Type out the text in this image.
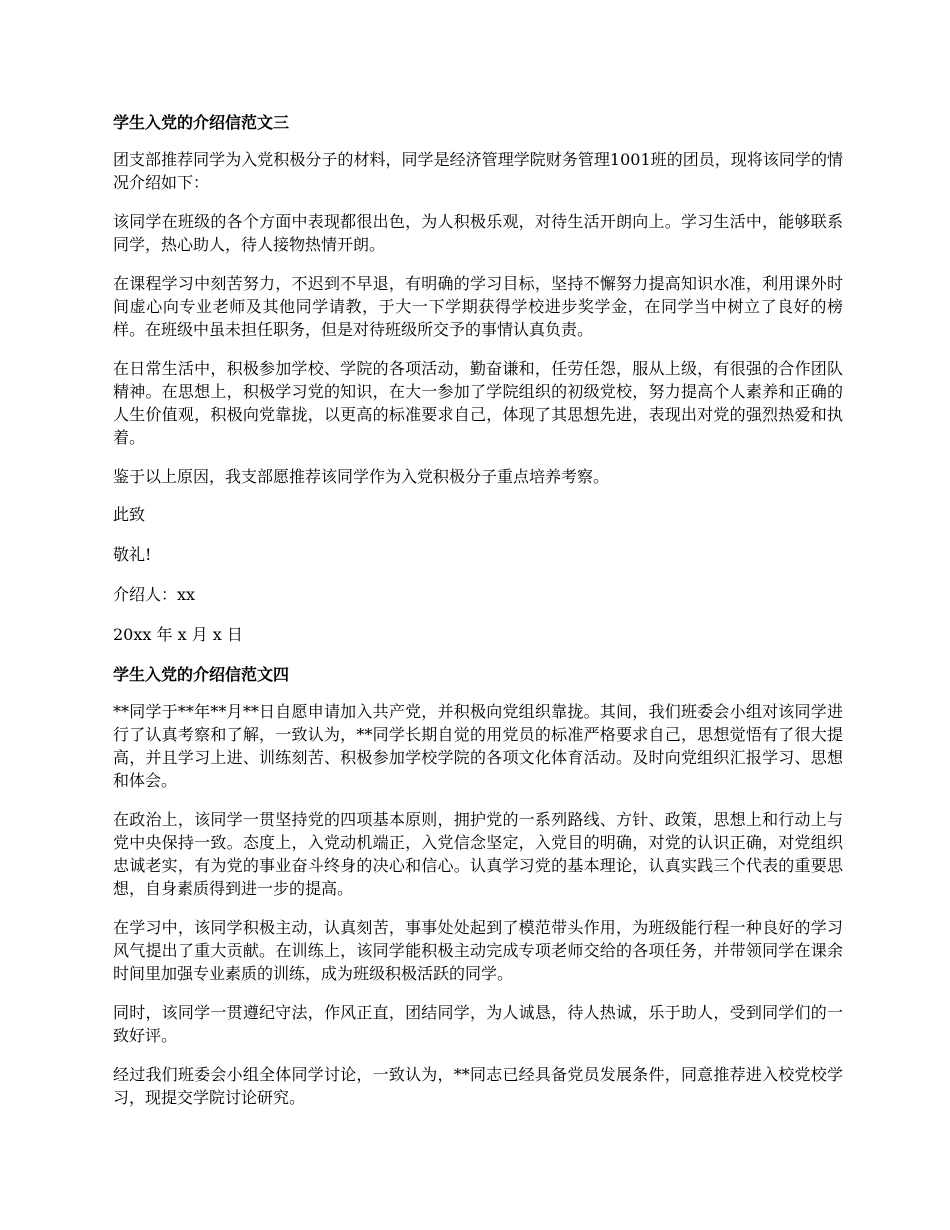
学生入党的介绍信范文三

团支部推荐同学为入党积极分子的材料，同学是经济管理学院财务管理1001班的团员，现将该同学的情况介绍如下：

该同学在班级的各个方面中表现都很出色，为人积极乐观，对待生活开朗向上。学习生活中，能够联系同学，热心助人，待人接物热情开朗。

在课程学习中刻苦努力，不迟到不早退，有明确的学习目标，坚持不懈努力提高知识水准，利用课外时间虚心向专业老师及其他同学请教，于大一下学期获得学校进步奖学金，在同学当中树立了良好的榜样。在班级中虽未担任职务，但是对待班级所交予的事情认真负责。

在日常生活中，积极参加学校、学院的各项活动，勤奋谦和，任劳任怨，服从上级，有很强的合作团队精神。在思想上，积极学习党的知识，在大一参加了学院组织的初级党校，努力提高个人素养和正确的人生价值观，积极向党靠拢，以更高的标准要求自己，体现了其思想先进，表现出对党的强烈热爱和执着。

鉴于以上原因，我支部愿推荐该同学作为入党积极分子重点培养考察。

此致

敬礼!

介绍人：xx

20xx 年 x 月 x 日

学生入党的介绍信范文四

**同学于**年**月**日自愿申请加入共产党，并积极向党组织靠拢。其间，我们班委会小组对该同学进行了认真考察和了解，一致认为，**同学长期自觉的用党员的标准严格要求自己，思想觉悟有了很大提高，并且学习上进、训练刻苦、积极参加学校学院的各项文化体育活动。及时向党组织汇报学习、思想和体会。

在政治上，该同学一贯坚持党的四项基本原则，拥护党的一系列路线、方针、政策，思想上和行动上与党中央保持一致。态度上，入党动机端正，入党信念坚定，入党目的明确，对党的认识正确，对党组织忠诚老实，有为党的事业奋斗终身的决心和信心。认真学习党的基本理论，认真实践三个代表的重要思想，自身素质得到进一步的提高。

在学习中，该同学积极主动，认真刻苦，事事处处起到了模范带头作用，为班级能行程一种良好的学习风气提出了重大贡献。在训练上，该同学能积极主动完成专项老师交给的各项任务，并带领同学在课余时间里加强专业素质的训练，成为班级积极活跃的同学。

同时，该同学一贯遵纪守法，作风正直，团结同学，为人诚恳，待人热诚，乐于助人，受到同学们的一致好评。

经过我们班委会小组全体同学讨论，一致认为，**同志已经具备党员发展条件，同意推荐进入校党校学习，现提交学院讨论研究。
